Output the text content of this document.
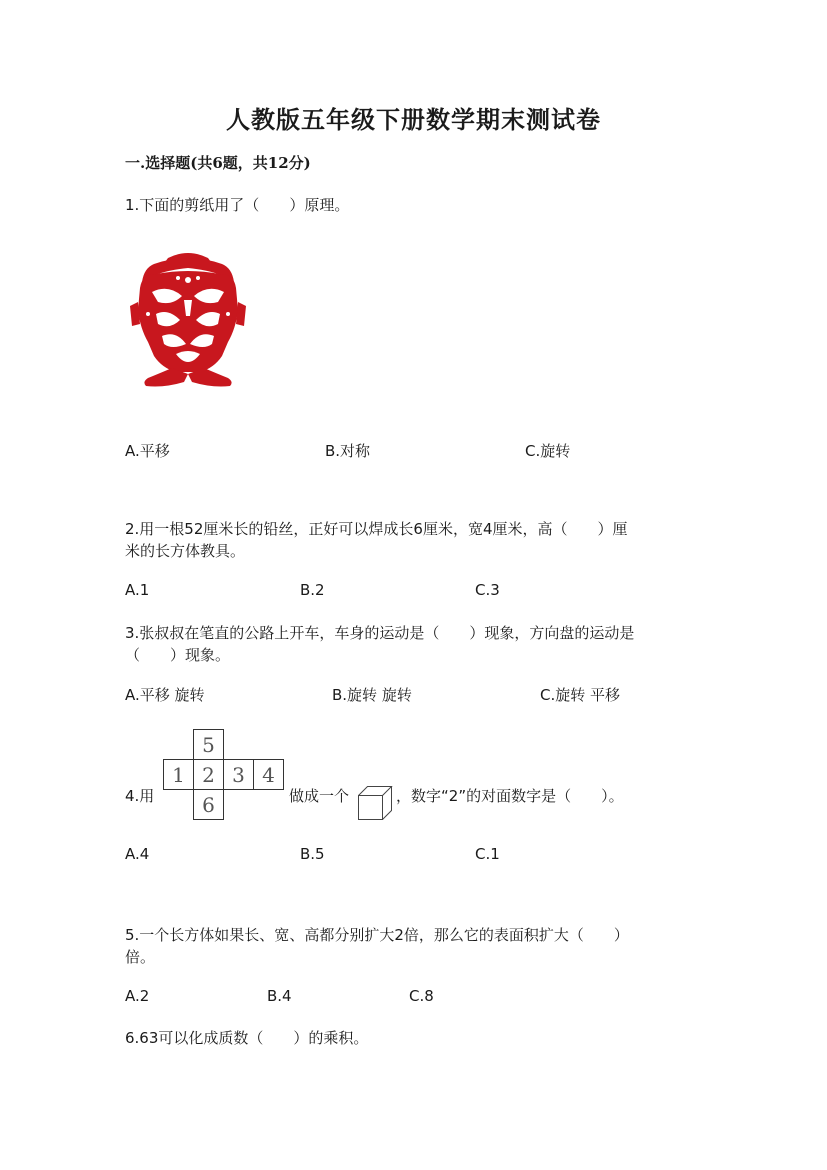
人教版五年级下册数学期末测试卷
一.选择题(共6题，共12分)
1.下面的剪纸用了（　　）原理。
A.平移	B.对称	C.旋转
2.用一根52厘米长的铅丝，正好可以焊成长6厘米，宽4厘米，高（　　）厘
米的长方体教具。
A.1	B.2	C.3
3.张叔叔在笔直的公路上开车，车身的运动是（　　）现象，方向盘的运动是
（　　）现象。
A.平移 旋转	B.旋转 旋转	C.旋转 平移
4.用
5
1 2 3 4
6	做成一个	，数字“2”的对面数字是（　　）。
A.4	B.5	C.1
5.一个长方体如果长、宽、高都分别扩大2倍，那么它的表面积扩大（　　）
倍。
A.2	B.4	C.8
6.63可以化成质数（　　）的乘积。
